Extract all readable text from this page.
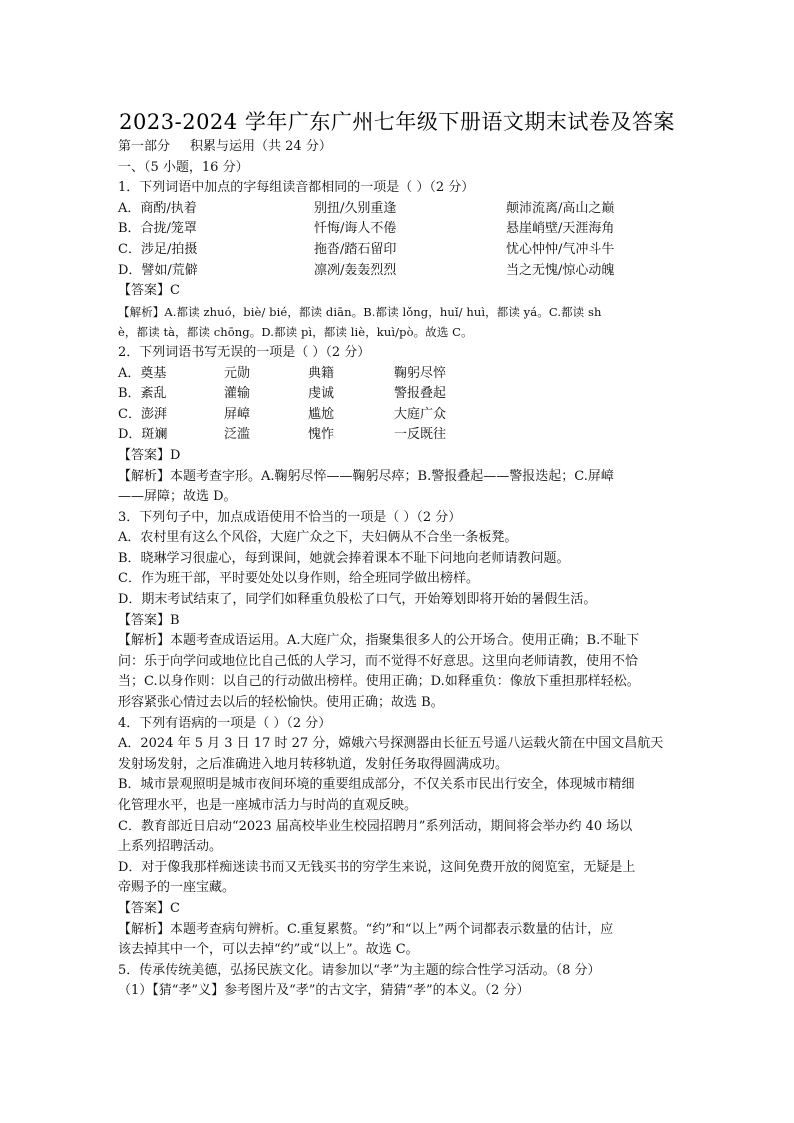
2023-2024 学年广东广州七年级下册语文期末试卷及答案
第一部分 积累与运用（共 24 分）
一、（5 小题，16 分）
1．下列词语中加点的字每组读音都相同的一项是（ ）（2 分）
A．商酌/执着	别扭/久别重逢	颠沛流离/高山之巅
B．合拢/笼罩	忏悔/诲人不倦	悬崖峭壁/天涯海角
C．涉足/拍摄	拖沓/踏石留印	忧心忡忡/气冲斗牛
D．譬如/荒僻	凛冽/轰轰烈烈	当之无愧/惊心动魄
【答案】C
【解析】A.都读 zhuó，biè/ bié，都读 diān。B.都读 lǒng，huǐ/ huì，都读 yá。C.都读 sh
è，都读 tà，都读 chōng。D.都读 pì，都读 liè，kuì/pò。故选 C。
2．下列词语书写无误的一项是（ ）（2 分）
A．奠基	元勋	典籍	鞠躬尽悴
B．紊乱	灌输	虔诚	警报叠起
C．澎湃	屏嶂	尴尬	大庭广众
D．斑斓	泛滥	愧怍	一反既往
【答案】D
【解析】本题考查字形。A.鞠躬尽悴——鞠躬尽瘁；B.警报叠起——警报迭起；C.屏嶂
——屏障；故选 D。
3．下列句子中，加点成语使用不恰当的一项是（ ）（2 分）
A．农村里有这么个风俗，大庭广众之下，夫妇俩从不合坐一条板凳。
B．晓琳学习很虚心，每到课间，她就会捧着课本不耻下问地向老师请教问题。
C．作为班干部，平时要处处以身作则，给全班同学做出榜样。
D．期末考试结束了，同学们如释重负般松了口气，开始筹划即将开始的暑假生活。
【答案】B
【解析】本题考查成语运用。A.大庭广众，指聚集很多人的公开场合。使用正确；B.不耻下
问：乐于向学问或地位比自己低的人学习，而不觉得不好意思。这里向老师请教，使用不恰
当；C.以身作则：以自己的行动做出榜样。使用正确；D.如释重负：像放下重担那样轻松。
形容紧张心情过去以后的轻松愉快。使用正确；故选 B。
4．下列有语病的一项是（ ）（2 分）
A．2024 年 5 月 3 日 17 时 27 分，嫦娥六号探测器由长征五号遥八运载火箭在中国文昌航天
发射场发射，之后准确进入地月转移轨道，发射任务取得圆满成功。
B．城市景观照明是城市夜间环境的重要组成部分，不仅关系市民出行安全，体现城市精细
化管理水平，也是一座城市活力与时尚的直观反映。
C．教育部近日启动“2023 届高校毕业生校园招聘月”系列活动，期间将会举办约 40 场以
上系列招聘活动。
D．对于像我那样痴迷读书而又无钱买书的穷学生来说，这间免费开放的阅览室，无疑是上
帝赐予的一座宝藏。
【答案】C
【解析】本题考查病句辨析。C.重复累赘。“约”和“以上”两个词都表示数量的估计，应
该去掉其中一个，可以去掉“约”或“以上”。故选 C。
5．传承传统美德，弘扬民族文化。请参加以“孝”为主题的综合性学习活动。（8 分）
（1）【猜“孝”义】参考图片及“孝”的古文字，猜猜“孝”的本义。（2 分）
